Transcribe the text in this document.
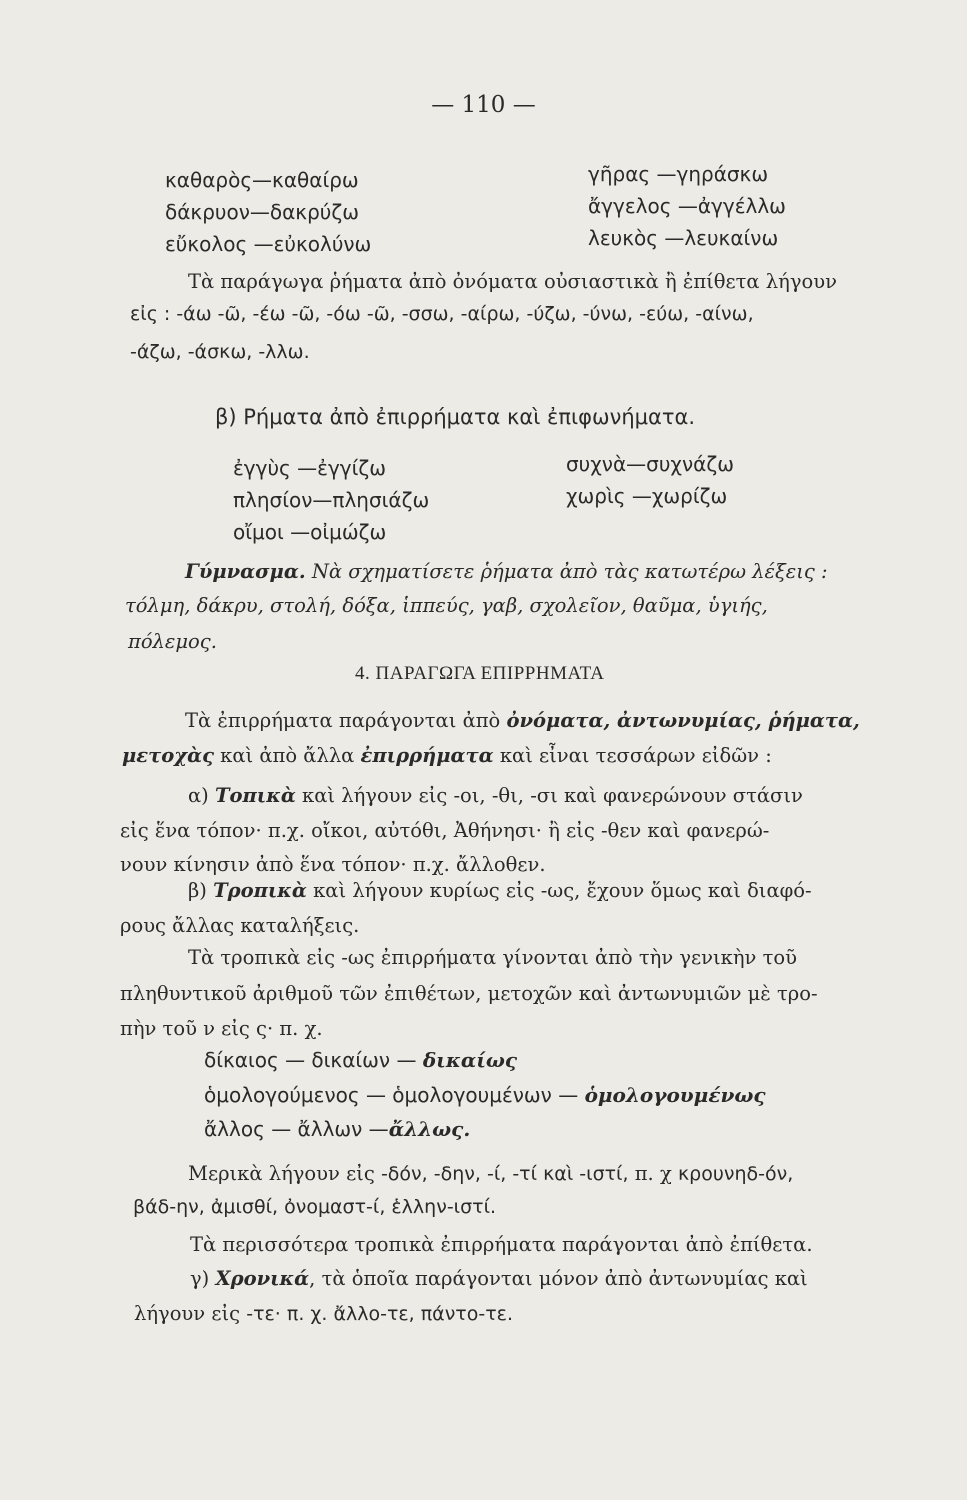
— 110 —
καθαρὸς—καθαίρω
δάκρυον—δακρύζω
εὔκολος —εὐκολύνω
γῆρας —γηράσκω
ἄγγελος —ἀγγέλλω
λευκὸς —λευκαίνω
Τὰ παράγωγα ῥήματα ἀπὸ ὀνόματα οὐσιαστικὰ ἢ ἐπίθετα λήγουν
εἰς : -άω -ῶ, -έω -ῶ, -όω -ῶ, -σσω, -αίρω, -ύζω, -ύνω, -εύω, -αίνω,
-άζω, -άσκω, -λλω.
β) Ρήματα ἀπὸ ἐπιρρήματα καὶ ἐπιφωνήματα.
ἐγγὺς —ἐγγίζω
πλησίον—πλησιάζω
οἴμοι —οἰμώζω
συχνὰ—συχνάζω
χωρὶς —χωρίζω
Γύμνασμα. Νὰ σχηματίσετε ῥήματα ἀπὸ τὰς κατωτέρω λέξεις :
τόλμη, δάκρυ, στολή, δόξα, ἱππεύς, γαβ, σχολεῖον, θαῦμα, ὑγιής,
πόλεμος.
4. ΠΑΡΑΓΩΓΑ ΕΠΙΡΡΗΜΑΤΑ
Τὰ ἐπιρρήματα παράγονται ἀπὸ ὀνόματα, ἀντωνυμίας, ῥήματα,
μετοχὰς καὶ ἀπὸ ἄλλα ἐπιρρήματα καὶ εἶναι τεσσάρων εἰδῶν :
α) Τοπικὰ καὶ λήγουν εἰς -οι, -θι, -σι καὶ φανερώνουν στάσιν
εἰς ἕνα τόπον· π.χ. οἴκοι, αὐτόθι, Ἀθήνησι· ἢ εἰς -θεν καὶ φανερώ-
νουν κίνησιν ἀπὸ ἕνα τόπον· π.χ. ἄλλοθεν.
β) Τροπικὰ καὶ λήγουν κυρίως εἰς -ως, ἔχουν ὅμως καὶ διαφό-
ρους ἄλλας καταλήξεις.
Τὰ τροπικὰ εἰς -ως ἐπιρρήματα γίνονται ἀπὸ τὴν γενικὴν τοῦ
πληθυντικοῦ ἀριθμοῦ τῶν ἐπιθέτων, μετοχῶν καὶ ἀντωνυμιῶν μὲ τρο-
πὴν τοῦ ν εἰς ς· π. χ.
δίκαιος — δικαίων — δικαίως
ὁμολογούμενος — ὁμολογουμένων — ὁμολογουμένως
ἄλλος — ἄλλων —ἄλλως.
Μερικὰ λήγουν εἰς -δόν, -δην, -ί, -τί καὶ -ιστί, π. χ κρουνηδ-όν,
βάδ-ην, ἀμισθί, ὀνομαστ-ί, ἑλλην-ιστί.
Τὰ περισσότερα τροπικὰ ἐπιρρήματα παράγονται ἀπὸ ἐπίθετα.
γ) Χρονικά, τὰ ὁποῖα παράγονται μόνον ἀπὸ ἀντωνυμίας καὶ
λήγουν εἰς -τε· π. χ. ἄλλο-τε, πάντο-τε.
